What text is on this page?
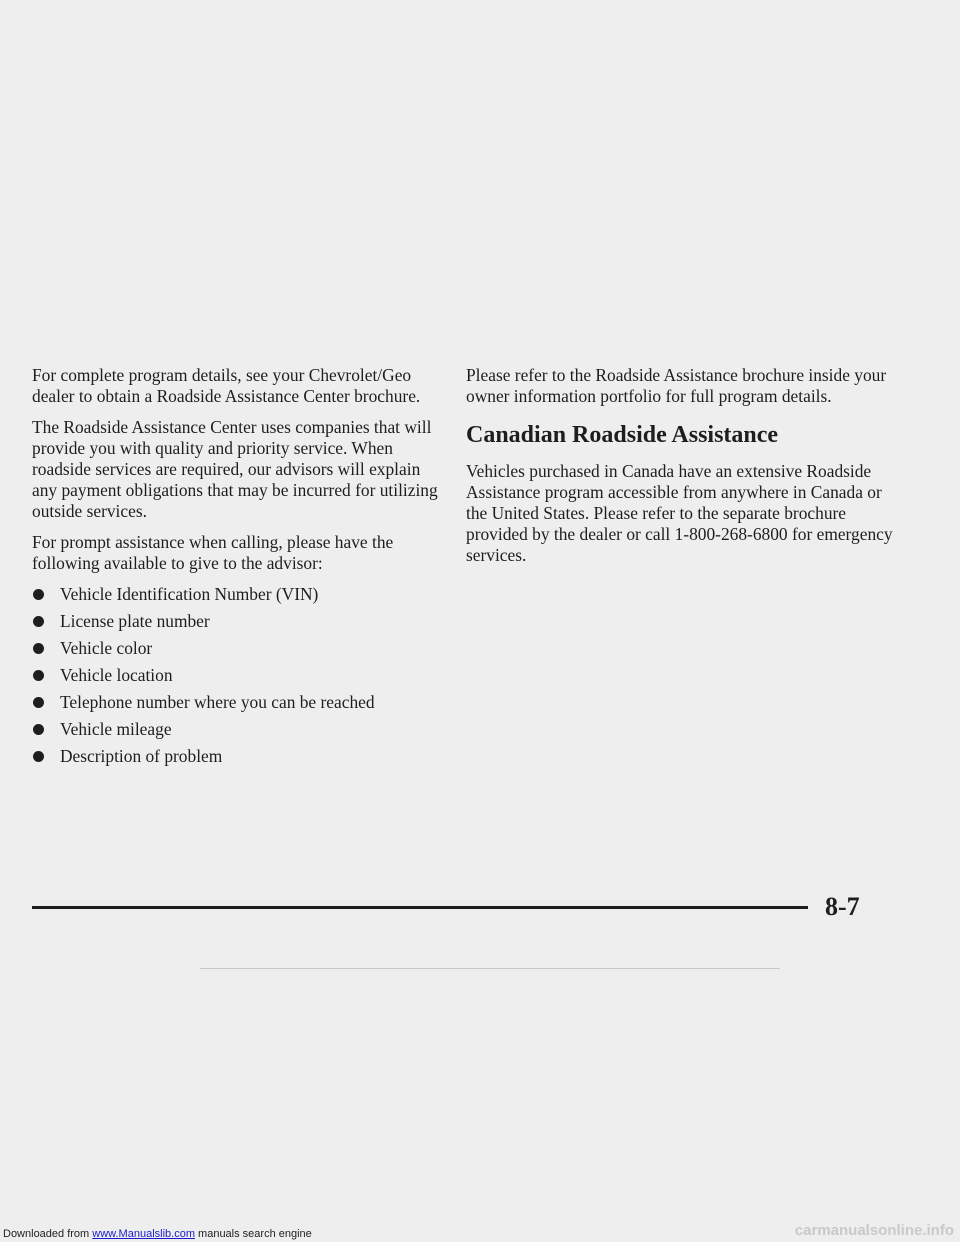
For complete program details, see your Chevrolet/Geo dealer to obtain a Roadside Assistance Center brochure.

The Roadside Assistance Center uses companies that will provide you with quality and priority service. When roadside services are required, our advisors will explain any payment obligations that may be incurred for utilizing outside services.

For prompt assistance when calling, please have the following available to give to the advisor:

Vehicle Identification Number (VIN)
License plate number
Vehicle color
Vehicle location
Telephone number where you can be reached
Vehicle mileage
Description of problem

Please refer to the Roadside Assistance brochure inside your owner information portfolio for full program details.

Canadian Roadside Assistance

Vehicles purchased in Canada have an extensive Roadside Assistance program accessible from anywhere in Canada or the United States. Please refer to the separate brochure provided by the dealer or call 1-800-268-6800 for emergency services.

8-7
Downloaded from www.Manualslib.com manuals search engine	carmanualsonline.info
